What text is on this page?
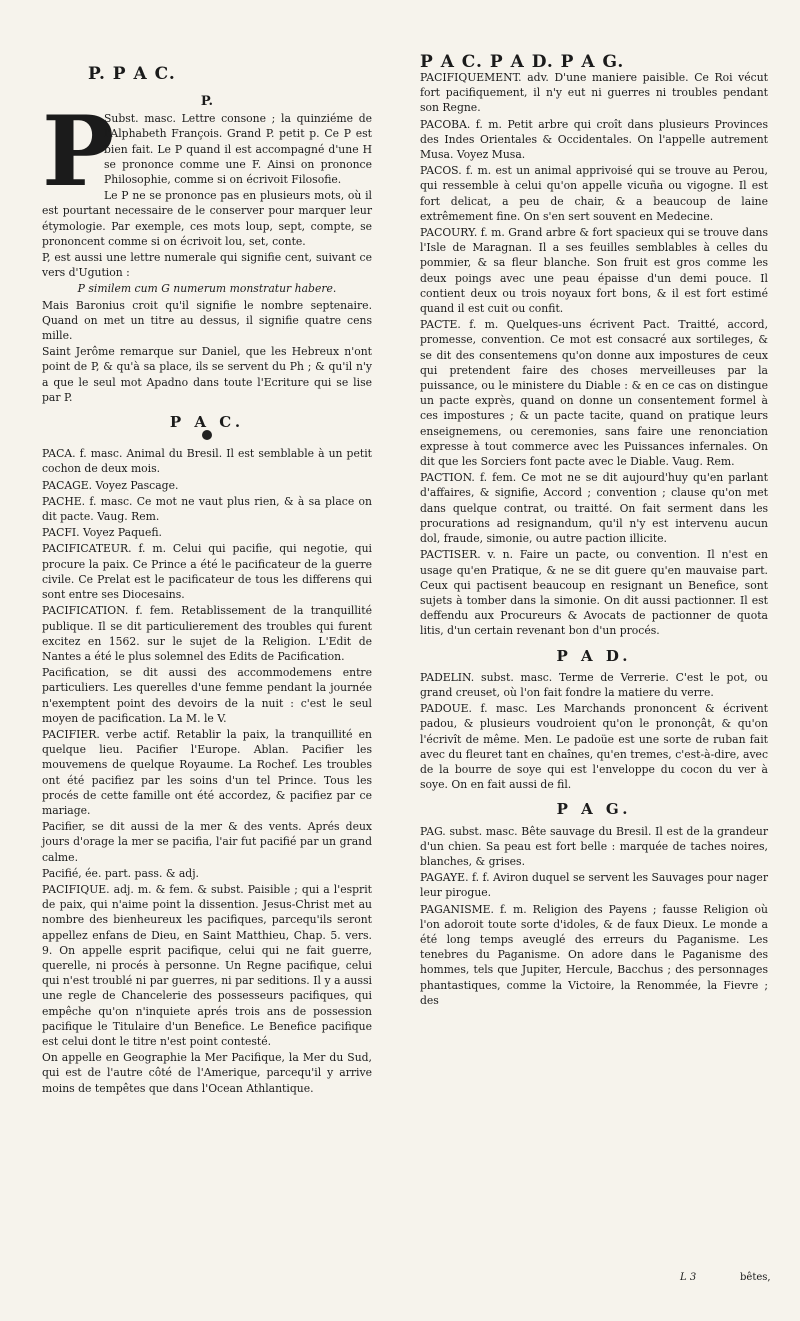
P. P A C.
P A C. P A D. P A G.
P.

P
Subst. masc. Lettre consone ; la quinziéme de l'Alphabeth François. Grand P. petit p. Ce P est bien fait. Le P quand il est accompagné d'une H se prononce comme une F. Ainsi on prononce Philosophie, comme si on écrivoit Filosofie.

Le P ne se prononce pas en plusieurs mots, où il est pourtant necessaire de le conserver pour marquer leur étymologie. Par exemple, ces mots loup, sept, compte, se prononcent comme si on écrivoit lou, set, conte.

P, est aussi une lettre numerale qui signifie cent, suivant ce vers d'Ugution :

P similem cum G numerum monstratur habere.

Mais Baronius croit qu'il signifie le nombre septenaire. Quand on met un titre au dessus, il signifie quatre cens mille.

Saint Jerôme remarque sur Daniel, que les Hebreux n'ont point de P, & qu'à sa place, ils se servent du Ph ; & qu'il n'y a que le seul mot Apadno dans toute l'Ecriture qui se lise par P.

P A C.

PACA. f. masc. Animal du Bresil. Il est semblable à un petit cochon de deux mois.

PACAGE. Voyez Pascage.

PACHE. f. masc. Ce mot ne vaut plus rien, & à sa place on dit pacte. Vaug. Rem.

PACFI. Voyez Paquefi.

PACIFICATEUR. f. m. Celui qui pacifie, qui negotie, qui procure la paix. Ce Prince a été le pacificateur de la guerre civile. Ce Prelat est le pacificateur de tous les differens qui sont entre ses Diocesains.

PACIFICATION. f. fem. Retablissement de la tranquillité publique. Il se dit particulierement des troubles qui furent excitez en 1562. sur le sujet de la Religion. L'Edit de Nantes a été le plus solemnel des Edits de Pacification.

Pacification, se dit aussi des accommodemens entre particuliers. Les querelles d'une femme pendant la journée n'exemptent point des devoirs de la nuit : c'est le seul moyen de pacification. La M. le V.

PACIFIER. verbe actif. Retablir la paix, la tranquillité en quelque lieu. Pacifier l'Europe. Ablan. Pacifier les mouvemens de quelque Royaume. La Rochef. Les troubles ont été pacifiez par les soins d'un tel Prince. Tous les procés de cette famille ont été accordez, & pacifiez par ce mariage.

Pacifier, se dit aussi de la mer & des vents. Aprés deux jours d'orage la mer se pacifia, l'air fut pacifié par un grand calme.

Pacifié, ée. part. pass. & adj.

PACIFIQUE. adj. m. & fem. & subst. Paisible ; qui a l'esprit de paix, qui n'aime point la dissention. Jesus-Christ met au nombre des bienheureux les pacifiques, parcequ'ils seront appellez enfans de Dieu, en Saint Matthieu, Chap. 5. vers. 9. On appelle esprit pacifique, celui qui ne fait guerre, querelle, ni procés à personne. Un Regne pacifique, celui qui n'est troublé ni par guerres, ni par seditions. Il y a aussi une regle de Chancelerie des possesseurs pacifiques, qui empêche qu'on n'inquiete aprés trois ans de possession pacifique le Titulaire d'un Benefice. Le Benefice pacifique est celui dont le titre n'est point contesté.

On appelle en Geographie la Mer Pacifique, la Mer du Sud, qui est de l'autre côté de l'Amerique, parcequ'il y arrive moins de tempêtes que dans l'Ocean Athlantique.

PACIFIQUEMENT. adv. D'une maniere paisible. Ce Roi vécut fort pacifiquement, il n'y eut ni guerres ni troubles pendant son Regne.

PACOBA. f. m. Petit arbre qui croît dans plusieurs Provinces des Indes Orientales & Occidentales. On l'appelle autrement Musa. Voyez Musa.

PACOS. f. m. est un animal apprivoisé qui se trouve au Perou, qui ressemble à celui qu'on appelle vicuña ou vigogne. Il est fort delicat, a peu de chair, & a beaucoup de laine extrêmement fine. On s'en sert souvent en Medecine.

PACOURY. f. m. Grand arbre & fort spacieux qui se trouve dans l'Isle de Maragnan. Il a ses feuilles semblables à celles du pommier, & sa fleur blanche. Son fruit est gros comme les deux poings avec une peau épaisse d'un demi pouce. Il contient deux ou trois noyaux fort bons, & il est fort estimé quand il est cuit ou confit.

PACTE. f. m. Quelques-uns écrivent Pact. Traitté, accord, promesse, convention. Ce mot est consacré aux sortileges, & se dit des consentemens qu'on donne aux impostures de ceux qui pretendent faire des choses merveilleuses par la puissance, ou le ministere du Diable : & en ce cas on distingue un pacte exprès, quand on donne un consentement formel à ces impostures ; & un pacte tacite, quand on pratique leurs enseignemens, ou ceremonies, sans faire une renonciation expresse à tout commerce avec les Puissances infernales. On dit que les Sorciers font pacte avec le Diable. Vaug. Rem.

PACTION. f. fem. Ce mot ne se dit aujourd'huy qu'en parlant d'affaires, & signifie, Accord ; convention ; clause qu'on met dans quelque contrat, ou traitté. On fait serment dans les procurations ad resignandum, qu'il n'y est intervenu aucun dol, fraude, simonie, ou autre paction illicite.

PACTISER. v. n. Faire un pacte, ou convention. Il n'est en usage qu'en Pratique, & ne se dit guere qu'en mauvaise part. Ceux qui pactisent beaucoup en resignant un Benefice, sont sujets à tomber dans la simonie. On dit aussi pactionner. Il est deffendu aux Procureurs & Avocats de pactionner de quota litis, d'un certain revenant bon d'un procés.

P A D.

PADELIN. subst. masc. Terme de Verrerie. C'est le pot, ou grand creuset, où l'on fait fondre la matiere du verre.

PADOUE. f. masc. Les Marchands prononcent & écrivent padou, & plusieurs voudroient qu'on le prononçât, & qu'on l'écrivît de même. Men. Le padoüe est une sorte de ruban fait avec du fleuret tant en chaînes, qu'en tremes, c'est-à-dire, avec de la bourre de soye qui est l'enveloppe du cocon du ver à soye. On en fait aussi de fil.

P A G.

PAG. subst. masc. Bête sauvage du Bresil. Il est de la grandeur d'un chien. Sa peau est fort belle : marquée de taches noires, blanches, & grises.

PAGAYE. f. f. Aviron duquel se servent les Sauvages pour nager leur pirogue.

PAGANISME. f. m. Religion des Payens ; fausse Religion où l'on adoroit toute sorte d'idoles, & de faux Dieux. Le monde a été long temps aveuglé des erreurs du Paganisme. Les tenebres du Paganisme. On adore dans le Paganisme des hommes, tels que Jupiter, Hercule, Bacchus ; des personnages phantastiques, comme la Victoire, la Renommée, la Fievre ; des

L 3	bêtes,
